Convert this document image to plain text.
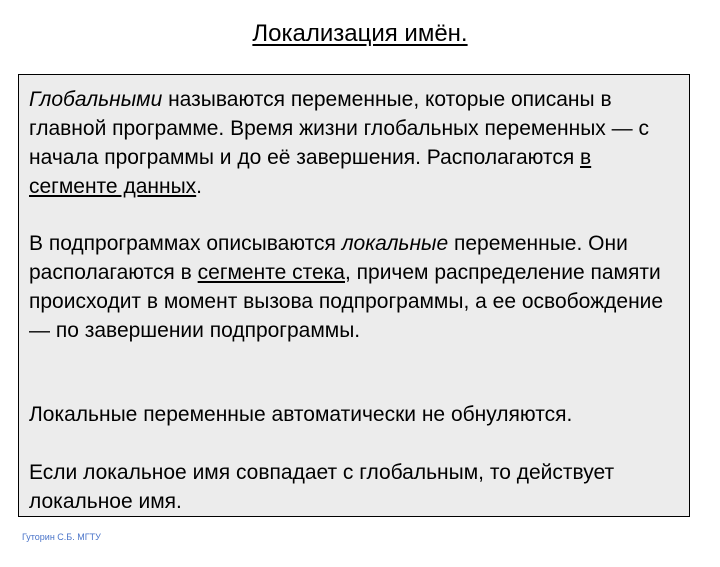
Локализация имён.

Глобальными называются переменные, которые описаны в главной программе. Время жизни глобальных переменных — с начала программы и до её завершения. Располагаются в сегменте данных.

В подпрограммах описываются локальные переменные. Они располагаются в сегменте стека, причем распределение памяти происходит в момент вызова подпрограммы, а ее освобождение — по завершении подпрограммы.

Локальные переменные автоматически не обнуляются.

Если локальное имя совпадает с глобальным, то действует локальное имя.

Гуторин С.Б. МГТУ
